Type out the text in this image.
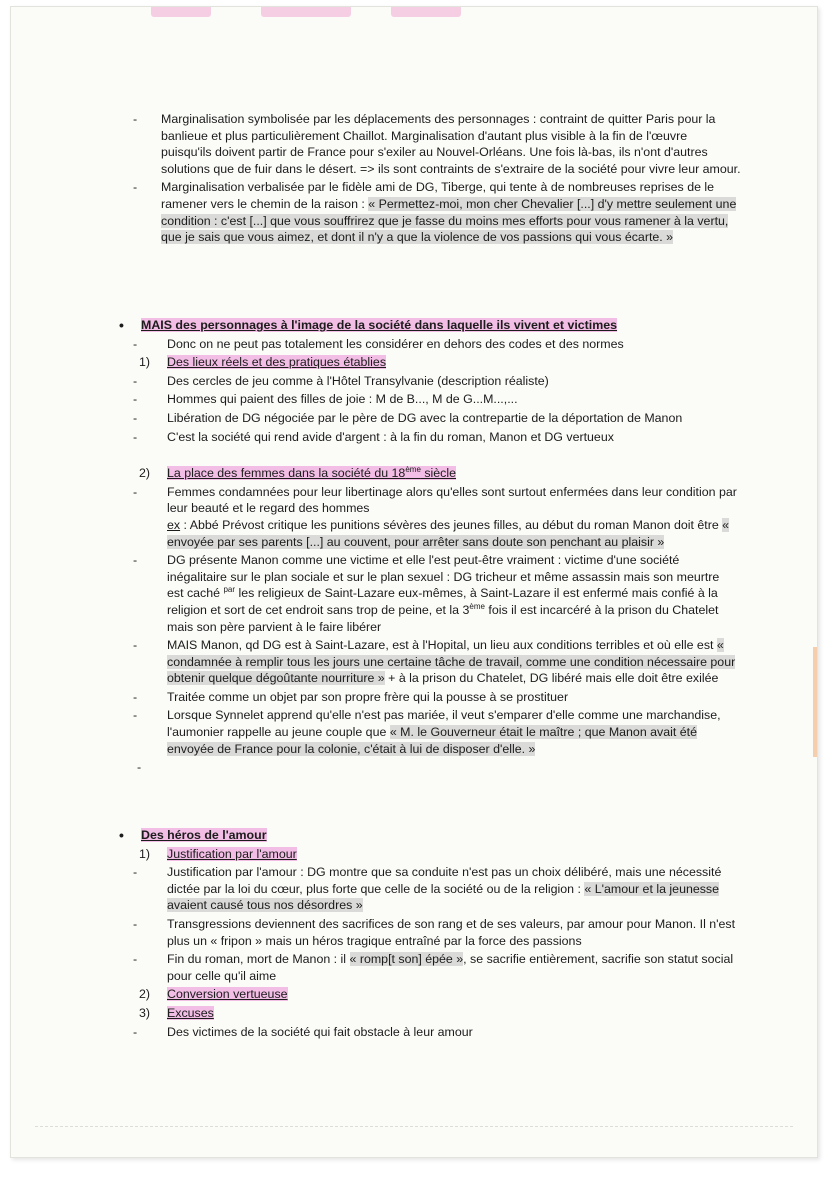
- Marginalisation symbolisée par les déplacements des personnages : contraint de quitter Paris pour la banlieue et plus particulièrement Chaillot. Marginalisation d'autant plus visible à la fin de l'œuvre puisqu'ils doivent partir de France pour s'exiler au Nouvel-Orléans. Une fois là-bas, ils n'ont d'autres solutions que de fuir dans le désert. => ils sont contraints de s'extraire de la société pour vivre leur amour.
- Marginalisation verbalisée par le fidèle ami de DG, Tiberge, qui tente à de nombreuses reprises de le ramener vers le chemin de la raison : « Permettez-moi, mon cher Chevalier [...] d'y mettre seulement une condition : c'est [...] que vous souffrirez que je fasse du moins mes efforts pour vous ramener à la vertu, que je sais que vous aimez, et dont il n'y a que la violence de vos passions qui vous écarte. »
• MAIS des personnages à l'image de la société dans laquelle ils vivent et victimes
- Donc on ne peut pas totalement les considérer en dehors des codes et des normes
1) Des lieux réels et des pratiques établies
- Des cercles de jeu comme à l'Hôtel Transylvanie (description réaliste)
- Hommes qui paient des filles de joie : M de B..., M de G...M...,...
- Libération de DG négociée par le père de DG avec la contrepartie de la déportation de Manon
- C'est la société qui rend avide d'argent : à la fin du roman, Manon et DG vertueux
2) La place des femmes dans la société du 18ème siècle
- Femmes condamnées pour leur libertinage alors qu'elles sont surtout enfermées dans leur condition par leur beauté et le regard des hommes
ex : Abbé Prévost critique les punitions sévères des jeunes filles, au début du roman Manon doit être « envoyée par ses parents [...] au couvent, pour arrêter sans doute son penchant au plaisir »
- DG présente Manon comme une victime et elle l'est peut-être vraiment : victime d'une société inégalitaire sur le plan sociale et sur le plan sexuel : DG tricheur et même assassin mais son meurtre est caché $^{par}$ les religieux de Saint-Lazare eux-mêmes, à Saint-Lazare il est enfermé mais confié à la religion et sort de cet endroit sans trop de peine, et la 3ème fois il est incarcéré à la prison du Chatelet mais son père parvient à le faire libérer
- MAIS Manon, qd DG est à Saint-Lazare, est à l'Hopital, un lieu aux conditions terribles et où elle est « condamnée à remplir tous les jours une certaine tâche de travail, comme une condition nécessaire pour obtenir quelque dégoûtante nourriture » + à la prison du Chatelet, DG libéré mais elle doit être exilée
- Traitée comme un objet par son propre frère qui la pousse à se prostituer
- Lorsque Synnelet apprend qu'elle n'est pas mariée, il veut s'emparer d'elle comme une marchandise, l'aumonier rappelle au jeune couple que « M. le Gouverneur était le maître ; que Manon avait été envoyée de France pour la colonie, c'était à lui de disposer d'elle. »
-
• Des héros de l'amour
1) Justification par l'amour
- Justification par l'amour : DG montre que sa conduite n'est pas un choix délibéré, mais une nécessité dictée par la loi du cœur, plus forte que celle de la société ou de la religion : « L'amour et la jeunesse avaient causé tous nos désordres »
- Transgressions deviennent des sacrifices de son rang et de ses valeurs, par amour pour Manon. Il n'est plus un « fripon » mais un héros tragique entraîné par la force des passions
- Fin du roman, mort de Manon : il « romp[t son] épée », se sacrifie entièrement, sacrifie son statut social pour celle qu'il aime
2) Conversion vertueuse
3) Excuses
- Des victimes de la société qui fait obstacle à leur amour
